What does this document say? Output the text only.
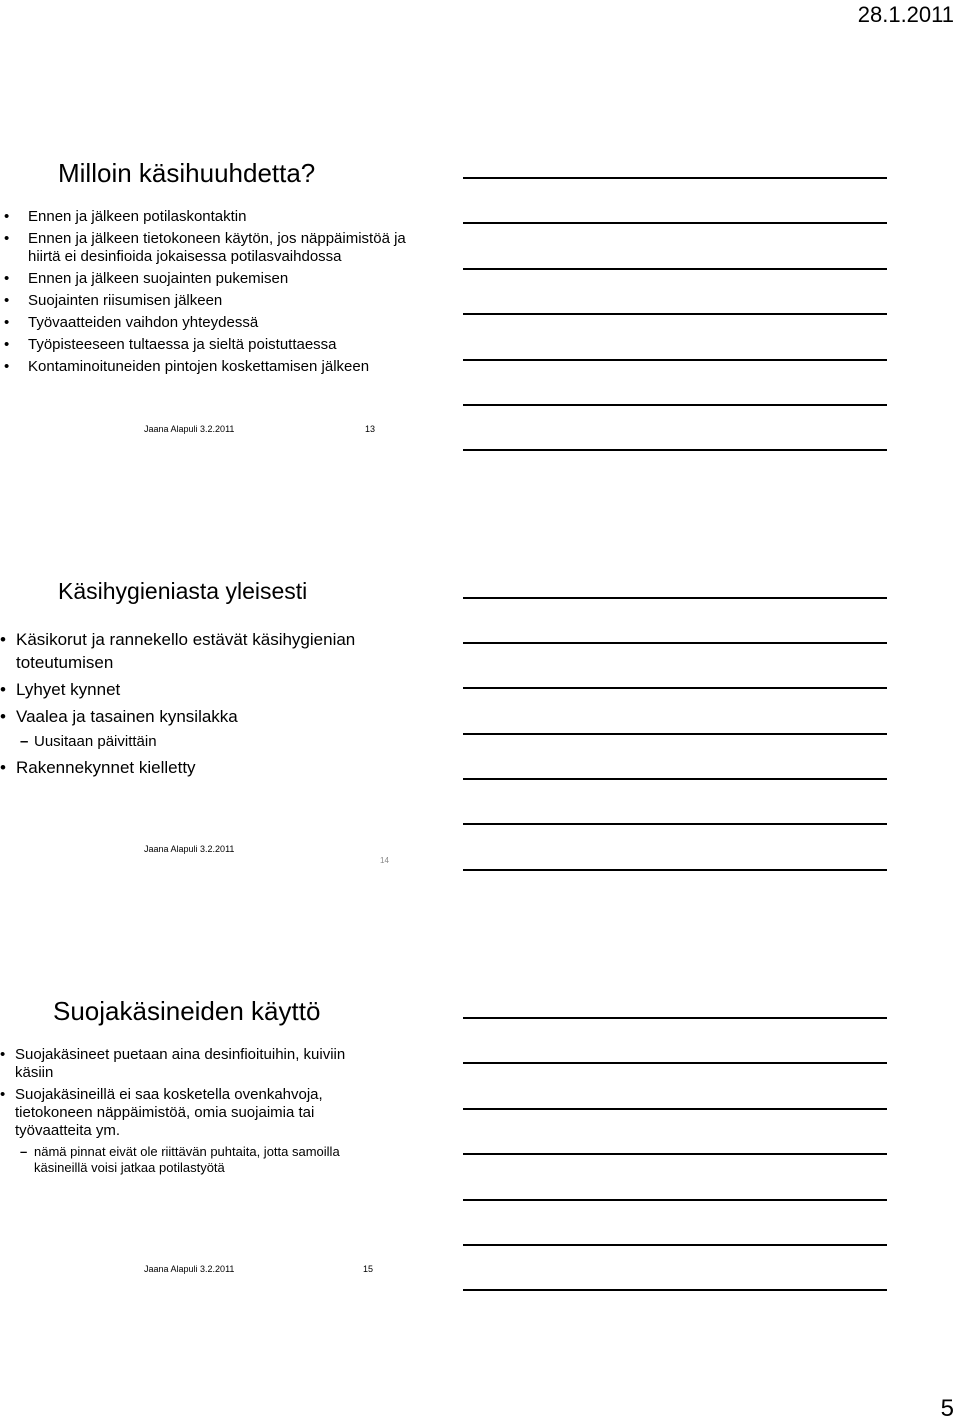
28.1.2011
Milloin käsihuuhdetta?
• Ennen ja jälkeen potilaskontaktin
• Ennen ja jälkeen tietokoneen käytön, jos näppäimistöä ja hiirtä ei desinfioida jokaisessa potilasvaihdossa
• Ennen ja jälkeen suojainten pukemisen
• Suojainten riisumisen jälkeen
• Työvaatteiden vaihdon yhteydessä
• Työpisteeseen tultaessa ja sieltä poistuttaessa
• Kontaminoituneiden pintojen koskettamisen jälkeen
Jaana Alapuli 3.2.2011	13
Käsihygieniasta yleisesti
• Käsikorut ja rannekello estävät käsihygienian toteutumisen
• Lyhyet kynnet
• Vaalea ja tasainen kynsilakka
– Uusitaan päivittäin
• Rakennekynnet kielletty
Jaana Alapuli 3.2.2011
14
Suojakäsineiden käyttö
• Suojakäsineet puetaan aina desinfioituihin, kuiviin käsiin
• Suojakäsineillä ei saa kosketella ovenkahvoja, tietokoneen näppäimistöä, omia suojaimia tai työvaatteita ym.
– nämä pinnat eivät ole riittävän puhtaita, jotta samoilla käsineillä voisi jatkaa potilastyötä
Jaana Alapuli 3.2.2011	15
5
